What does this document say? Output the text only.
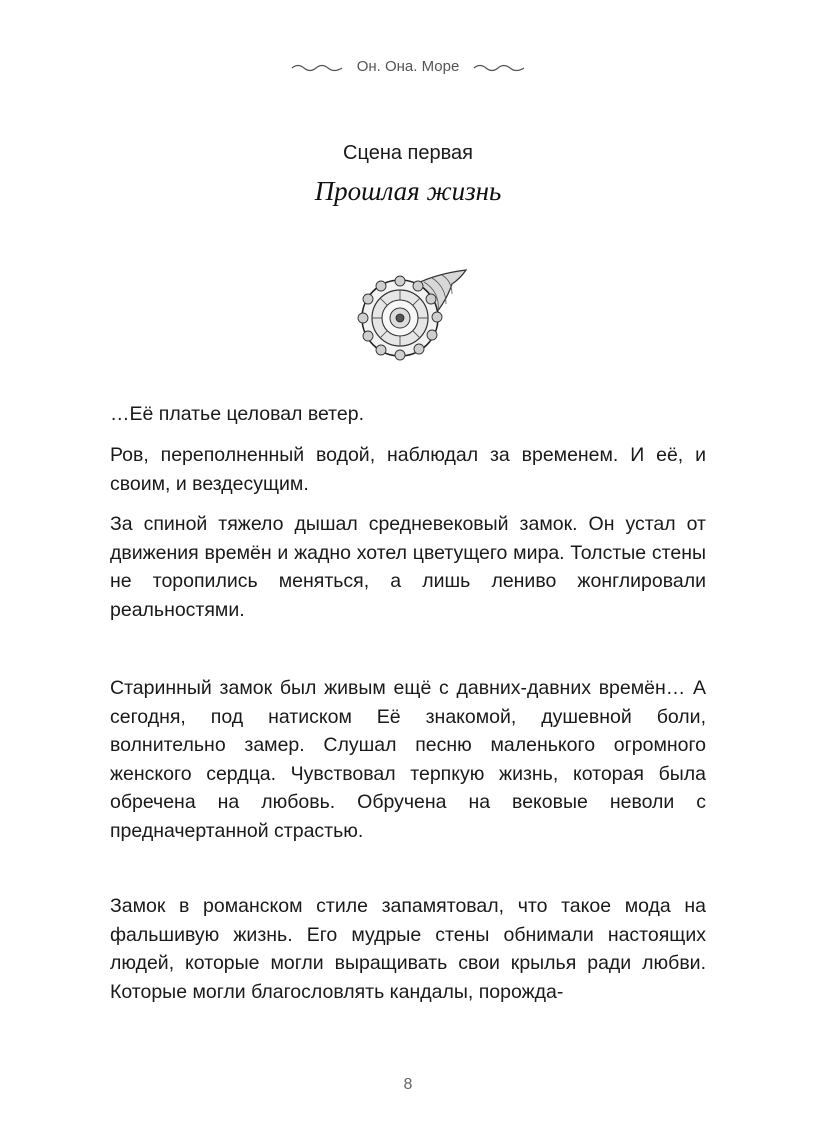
Он. Она. Море
Сцена первая
Прошлая жизнь

…Её платье целовал ветер.

Ров, переполненный водой, наблюдал за временем. И её, и своим, и вездесущим.

За спиной тяжело дышал средневековый замок. Он устал от движения времён и жадно хотел цветущего мира. Толстые стены не торопились меняться, а лишь лениво жонглировали реальностями.

Старинный замок был живым ещё с давних-давних времён… А сегодня, под натиском Её знакомой, душевной боли, волнительно замер. Слушал песню маленького огромного женского сердца. Чувствовал терпкую жизнь, которая была обречена на любовь. Обручена на вековые неволи с предначертанной страстью.

Замок в романском стиле запамятовал, что такое мода на фальшивую жизнь. Его мудрые стены обнимали настоящих людей, которые могли выращивать свои крылья ради любви. Которые могли благословлять кандалы, порожда-

8
